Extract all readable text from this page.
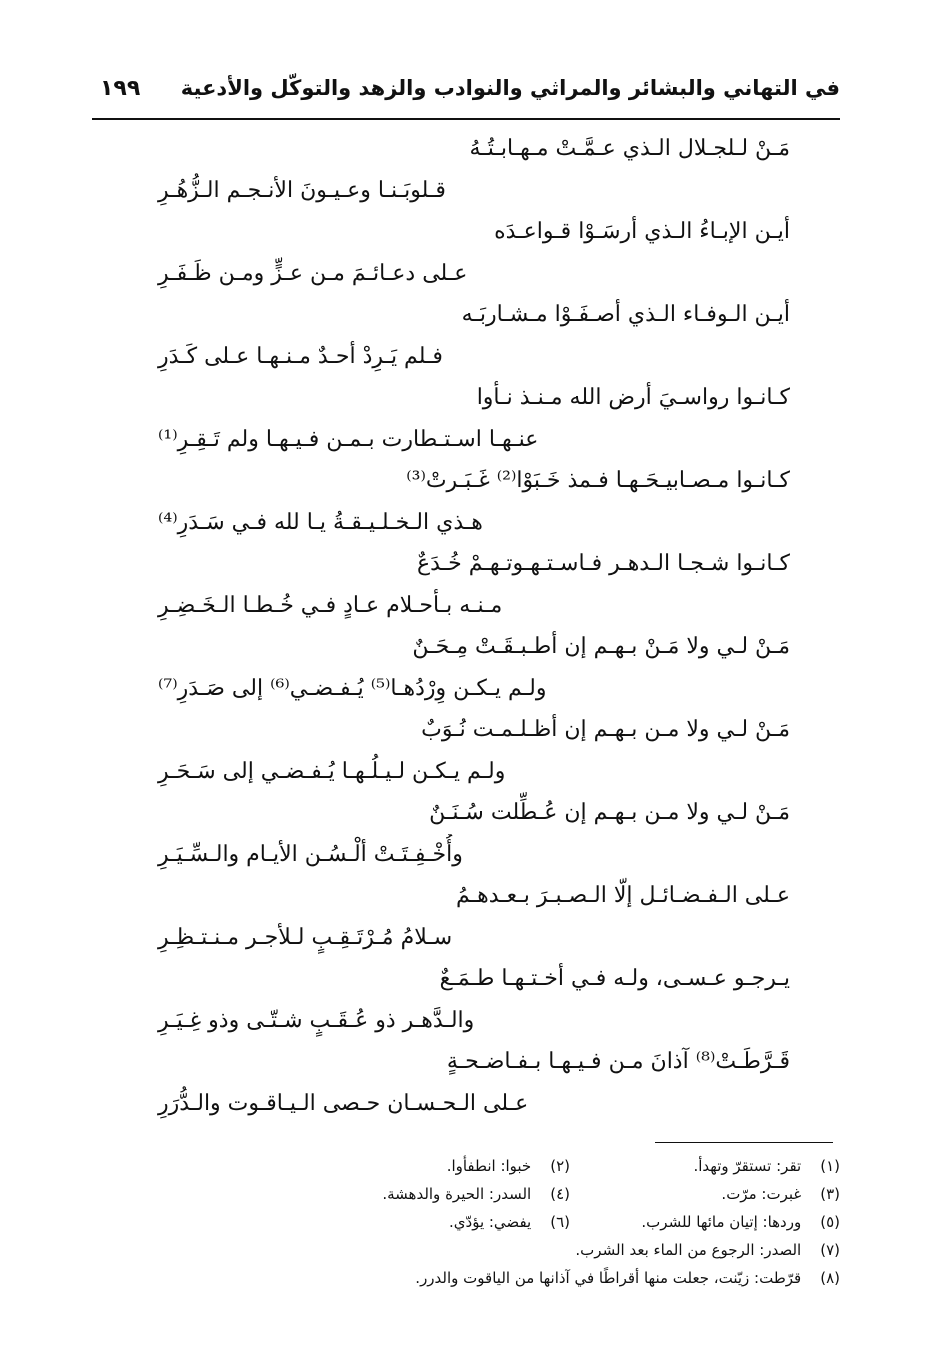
١٩٩ في التهاني والبشائر والمراثي والنوادب والزهد والتوكّل والأدعية
مَـنْ لـلجـلال الـذي عـمَّـتْ مـهـابـتُـهُ
قـلوبَـنـا وعـيـونَ الأنـجـم الـزُّهُـرِ
أيـن الإبـاءُ الـذي أرسَـوْا قـواعـدَه
عـلى دعـائـمَ مـن عـزٍّ ومـن ظَـفَـرِ
أيـن الـوفـاء الـذي أصـفَـوْا مـشـاربَـه
فـلم يَـرِدْ أحـدٌ مـنـهـا عـلى كَـدَرِ
كـانـوا رواسـيَ أرض الله مـنـذ نـأوا
عنـهـا اسـتـطارت بـمـن فـيـهـا ولم تَـقِـرِ⁽¹⁾
كـانـوا مـصـابيـحَـهـا فـمذ خَـبَوْا⁽²⁾ غَـبَـرتْ⁽³⁾
هـذي الـخـلـيـقـةُ يـا لله فـي سَـدَرِ⁽⁴⁾
كـانـوا شـجـا الـدهـر فـاسـتـهـوتـهـمْ خُـدَعٌ
مـنـه بـأحـلام عـادٍ فـي خُـطـا الـخَـضِـرِ
مَـنْ لـي ولا مَـنْ بـهـم إن أطـبـقَـتْ مِـحَـنٌ
ولـم يـكـن وِرْدُهـا⁽⁵⁾ يُـفـضـي⁽⁶⁾ إلى صَـدَرِ⁽⁷⁾
مَـنْ لـي ولا مـن بـهـم إن أظـلـمـت نُـوَبٌ
ولـم يـكـن لـيـلُـهـا يُـفـضـي إلى سَـحَـرِ
مَـنْ لـي ولا مـن بـهـم إن عُـطِّلت سُـنَـنٌ
وأُخْـفِـتَـتْ ألْـسُـن الأيـام والـسِّـيَـرِ
عـلى الـفـضـائـل إلّا الـصـبـرَ بـعـدهـمُ
سـلامُ مُـرْتَـقِـبٍ لـلأجـر مـنـتـظِـرِ
يـرجـو عـسـى، ولـه فـي أخـتـهـا طـمَـعٌ
والـدَّهـر ذو عُـقَـبٍ شـتّـى وذو غِـيَـرِ
قَـرَّطَـتْ⁽⁸⁾ آذانَ مـن فـيـهـا بـفـاضـحـةٍ
عـلى الـحـسـان حـصى الـيـاقـوت والـدُّرَرِ
(١) تقر: تستقرّ وتهدأ.
(٢) خبوا: انطفأوا.
(٣) غبرت: مرّت.
(٤) السدر: الحيرة والدهشة.
(٥) وردها: إتيان مائها للشرب.
(٦) يفضي: يؤدّي.
(٧) الصدر: الرجوع من الماء بعد الشرب.
(٨) قرّطت: زيّنت، جعلت منها أقراطًا في آذانها من الياقوت والدرر.
